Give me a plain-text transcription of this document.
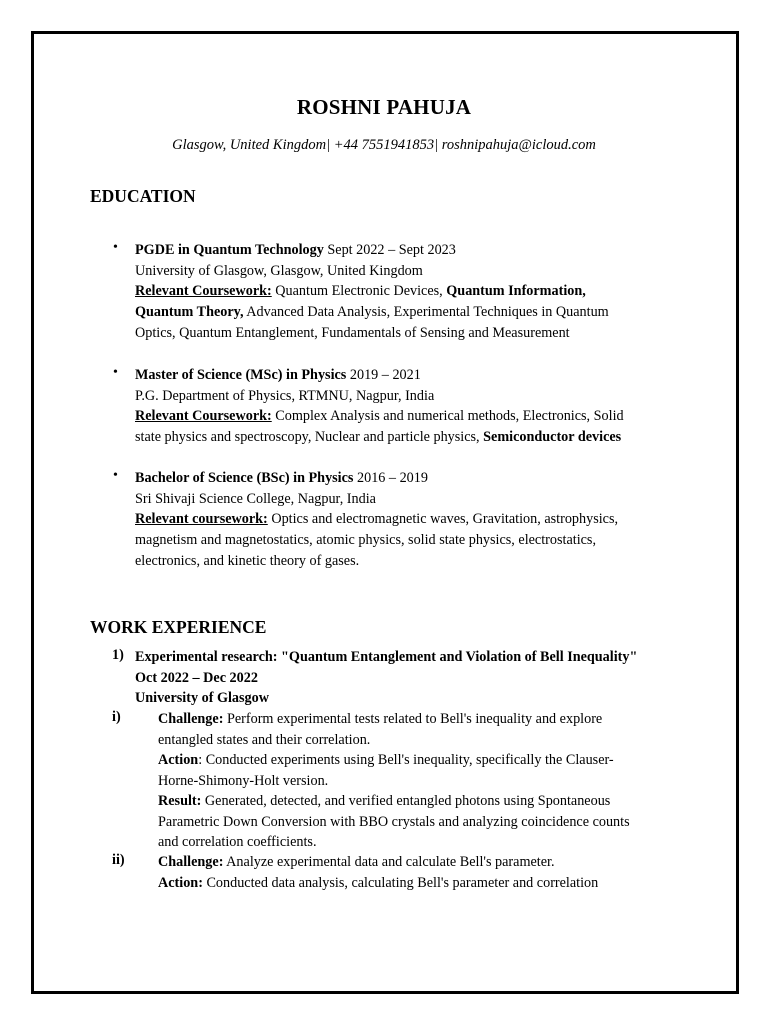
ROSHNI PAHUJA
Glasgow, United Kingdom| +44 7551941853| roshnipahuja@icloud.com
EDUCATION
• PGDE in Quantum Technology Sept 2022 – Sept 2023
University of Glasgow, Glasgow, United Kingdom
Relevant Coursework: Quantum Electronic Devices, Quantum Information,
Quantum Theory, Advanced Data Analysis, Experimental Techniques in Quantum
Optics, Quantum Entanglement, Fundamentals of Sensing and Measurement
• Master of Science (MSc) in Physics 2019 – 2021
P.G. Department of Physics, RTMNU, Nagpur, India
Relevant Coursework: Complex Analysis and numerical methods, Electronics, Solid
state physics and spectroscopy, Nuclear and particle physics, Semiconductor devices
• Bachelor of Science (BSc) in Physics 2016 – 2019
Sri Shivaji Science College, Nagpur, India
Relevant coursework: Optics and electromagnetic waves, Gravitation, astrophysics,
magnetism and magnetostatics, atomic physics, solid state physics, electrostatics,
electronics, and kinetic theory of gases.
WORK EXPERIENCE
1) Experimental research: "Quantum Entanglement and Violation of Bell Inequality"
Oct 2022 – Dec 2022
University of Glasgow
i)	Challenge: Perform experimental tests related to Bell's inequality and explore
entangled states and their correlation.
Action: Conducted experiments using Bell's inequality, specifically the Clauser-
Horne-Shimony-Holt version.
Result: Generated, detected, and verified entangled photons using Spontaneous
Parametric Down Conversion with BBO crystals and analyzing coincidence counts
and correlation coefficients.
ii) Challenge: Analyze experimental data and calculate Bell's parameter.
Action: Conducted data analysis, calculating Bell's parameter and correlation
